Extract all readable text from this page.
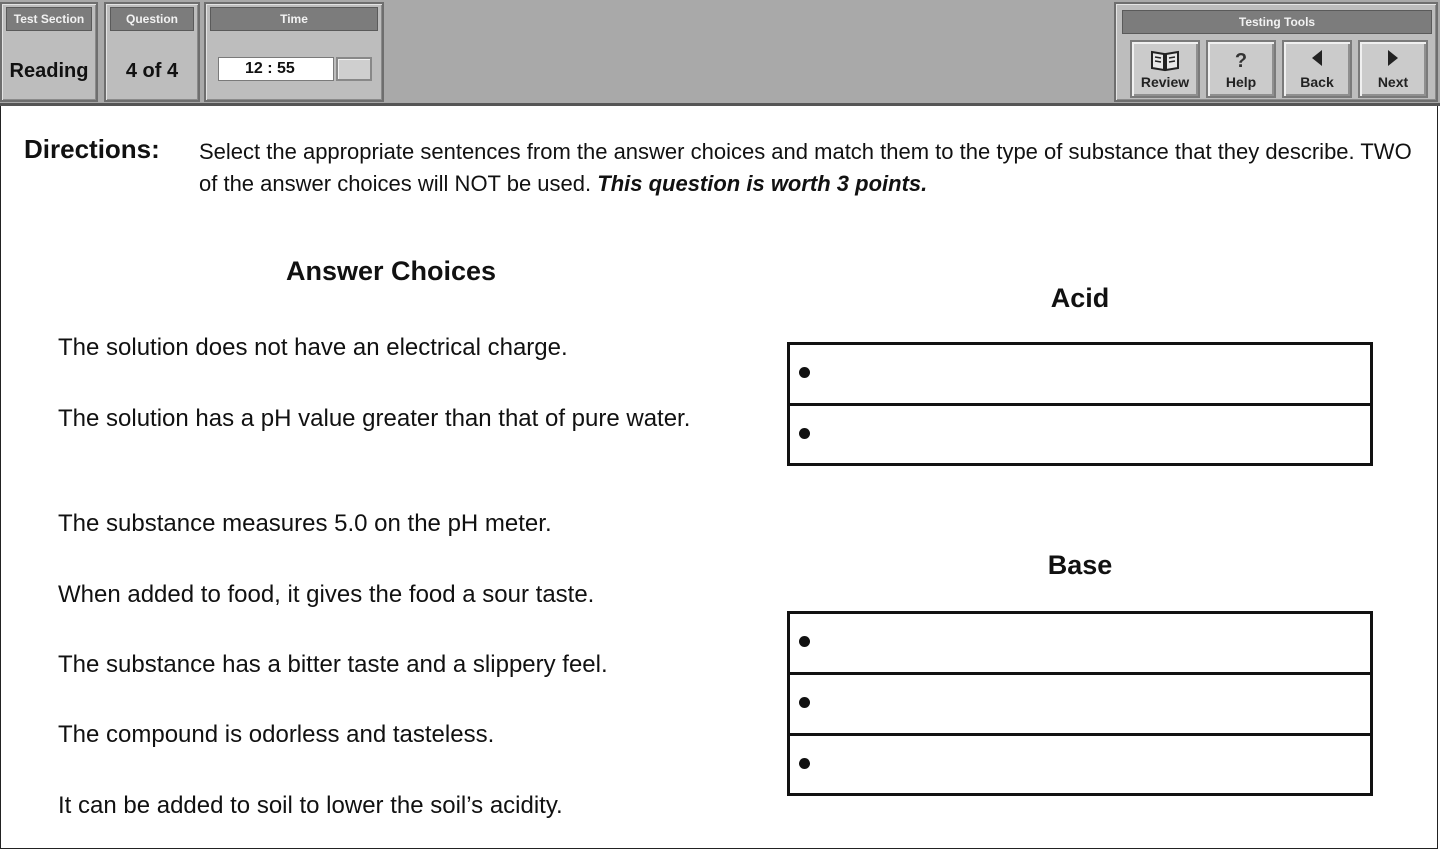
Test Section
Reading
Question
4 of 4
Time
12 : 55
Testing Tools
Review
?
Help	Back	Next
Directions: Select the appropriate sentences from the answer choices and match them to the type of substance that they describe. TWO of the answer choices will NOT be used. This question is worth 3 points.
Answer Choices
The solution does not have an electrical charge.
The solution has a pH value greater than that of pure water.
The substance measures 5.0 on the pH meter.
When added to food, it gives the food a sour taste.
The substance has a bitter taste and a slippery feel.
The compound is odorless and tasteless.
It can be added to soil to lower the soil’s acidity.
Acid
Base
